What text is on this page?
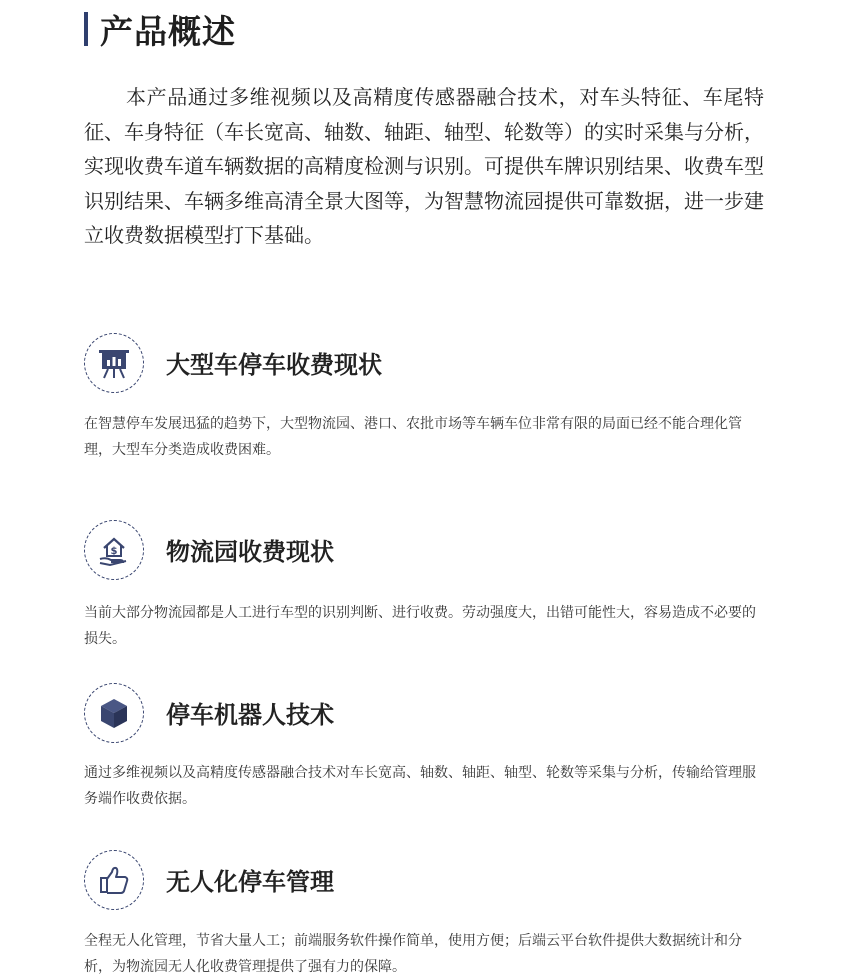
产品概述

本产品通过多维视频以及高精度传感器融合技术，对车头特征、车尾特征、车身特征（车长宽高、轴数、轴距、轴型、轮数等）的实时采集与分析，实现收费车道车辆数据的高精度检测与识别。可提供车牌识别结果、收费车型识别结果、车辆多维高清全景大图等，为智慧物流园提供可靠数据，进一步建立收费数据模型打下基础。

大型车停车收费现状
在智慧停车发展迅猛的趋势下，大型物流园、港口、农批市场等车辆车位非常有限的局面已经不能合理化管理，大型车分类造成收费困难。
$ 物流园收费现状
当前大部分物流园都是人工进行车型的识别判断、进行收费。劳动强度大，出错可能性大，容易造成不必要的损失。
停车机器人技术
通过多维视频以及高精度传感器融合技术对车长宽高、轴数、轴距、轴型、轮数等采集与分析，传输给管理服务端作收费依据。
无人化停车管理
全程无人化管理，节省大量人工；前端服务软件操作简单，使用方便；后端云平台软件提供大数据统计和分析，为物流园无人化收费管理提供了强有力的保障。
